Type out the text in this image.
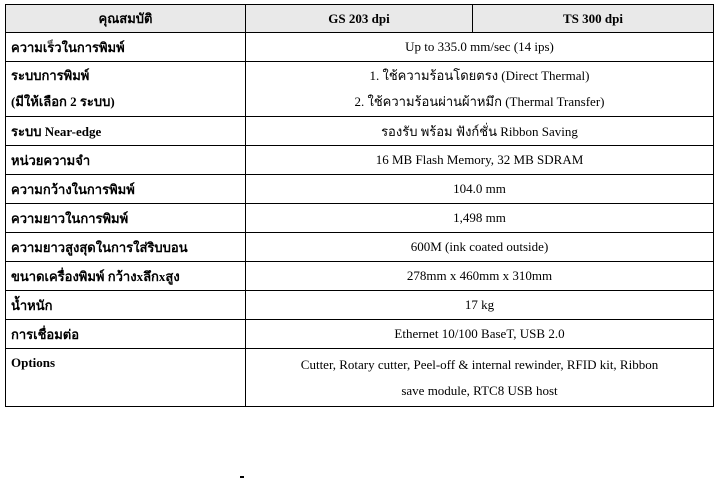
คุณสมบัติ	GS 203 dpi	TS 300 dpi
ความเร็วในการพิมพ์	Up to 335.0 mm/sec (14 ips)	

ระบบการพิมพ์
(มีให้เลือก 2 ระบบ)	1. ใช้ความร้อนโดยตรง (Direct Thermal)
2. ใช้ความร้อนผ่านผ้าหมึก (Thermal Transfer)	

ระบบ Near-edge	รองรับ พร้อม ฟังก์ชั่น Ribbon Saving	
หน่วยความจำ	16 MB Flash Memory, 32 MB SDRAM	
ความกว้างในการพิมพ์	104.0 mm	
ความยาวในการพิมพ์	1,498 mm	
ความยาวสูงสุดในการใส่ริบบอน	600M (ink coated outside)	
ขนาดเครื่องพิมพ์ กว้างxลึกxสูง	278mm x 460mm x 310mm	
น้ำหนัก	17 kg	
การเชื่อมต่อ	Ethernet 10/100 BaseT, USB 2.0	
Options	Cutter, Rotary cutter, Peel-off & internal rewinder, RFID kit, Ribbon
save module, RTC8 USB host	
